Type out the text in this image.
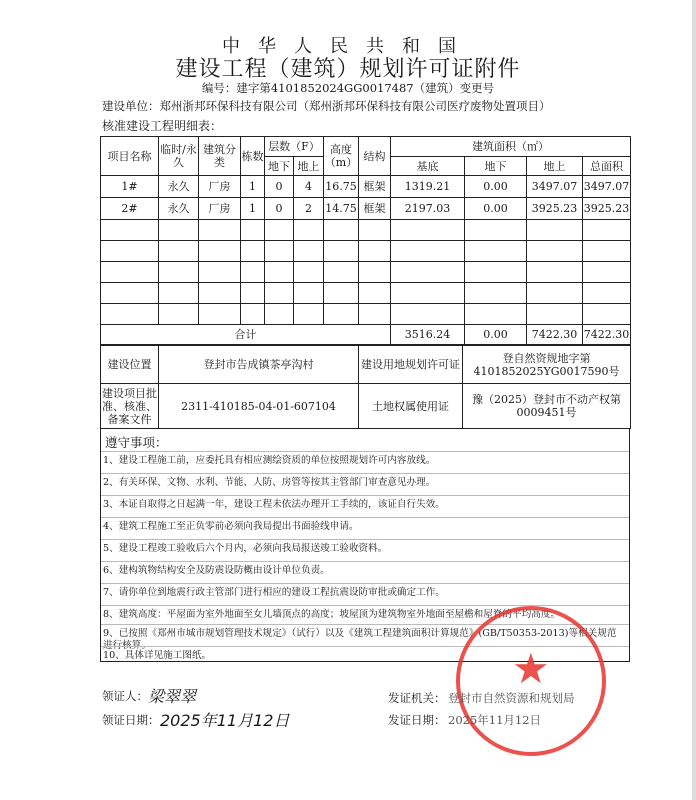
中华人民共和国
建设工程（建筑）规划许可证附件
编号：建字第4101852024GG0017487（建筑）变更号
建设单位：郑州浙邦环保科技有限公司（郑州浙邦环保科技有限公司医疗废物处置项目）
核准建设工程明细表：
项目名称	临时/永久	建筑分类	栋数	层数（F）		高度（m）	结构	建筑面积（㎡）			
				地下	地上			基底	地下	地上	总面积
1#	永久	厂房	1	0	4	16.75	框架	1319.21	0.00	3497.07	3497.07
2#	永久	厂房	1	0	2	14.75	框架	2197.03	0.00	3925.23	3925.23

合计								3516.24	0.00	7422.30	7422.30
建设位置	登封市告成镇茶亭沟村	建设用地规划许可证	登自然资规地字第4101852025YG0017590号
建设项目批准、核准、备案文件	2311-410185-04-01-607104	土地权属使用证	豫（2025）登封市不动产权第0009451号
遵守事项：
1、建设工程施工前，应委托具有相应测绘资质的单位按照规划许可内容放线。
2、有关环保、文物、水利、节能、人防、房管等按其主管部门审查意见办理。
3、本证自取得之日起满一年，建设工程未依法办理开工手续的，该证自行失效。
4、建筑工程施工至正负零前必须向我局提出书面验线申请。
5、建设工程竣工验收后六个月内，必须向我局报送竣工验收资料。
6、建构筑物结构安全及防震设防概由设计单位负责。
7、请你单位到地震行政主管部门进行相应的建设工程抗震设防审批或确定工作。
8、建筑高度：平屋面为室外地面至女儿墙顶点的高度；坡屋顶为建筑物室外地面至屋檐和屋脊的平均高度。
9、已按照《郑州市城市规划管理技术规定》（试行）以及《建筑工程建筑面积计算规范》(GB/T50353-2013)等相关规范进行核算。
10、具体详见施工图纸。	★
领证人： 梁翠翠
领证日期： 2025年11月12日
发证机关： 登封市自然资源和规划局
发证日期： 2025年11月12日
